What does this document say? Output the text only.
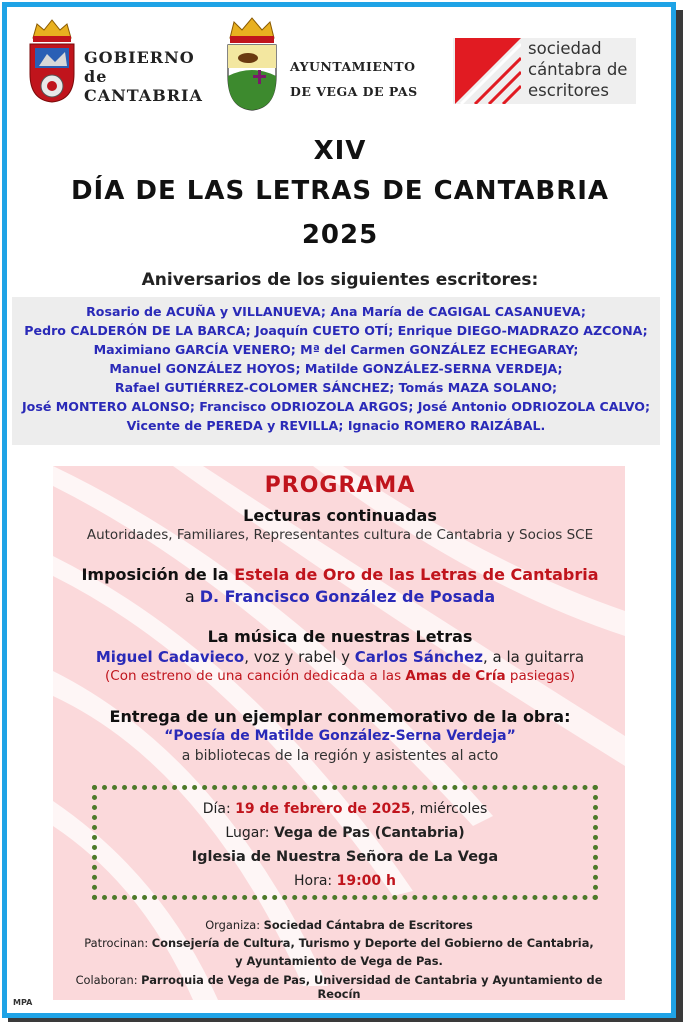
GOBIERNO
de
CANTABRIA
AYUNTAMIENTO
DE VEGA DE PAS
sociedad
cántabra de
escritores
XIV
DÍA DE LAS LETRAS DE CANTABRIA
2025
Aniversarios de los siguientes escritores:
Rosario de ACUÑA y VILLANUEVA; Ana María de CAGIGAL CASANUEVA;
Pedro CALDERÓN DE LA BARCA; Joaquín CUETO OTÍ; Enrique DIEGO-MADRAZO AZCONA;
Maximiano GARCÍA VENERO; Mª del Carmen GONZÁLEZ ECHEGARAY;
Manuel GONZÁLEZ HOYOS; Matilde GONZÁLEZ-SERNA VERDEJA;
Rafael GUTIÉRREZ-COLOMER SÁNCHEZ; Tomás MAZA SOLANO;
José MONTERO ALONSO; Francisco ODRIOZOLA ARGOS; José Antonio ODRIOZOLA CALVO;
Vicente de PEREDA y REVILLA; Ignacio ROMERO RAIZÁBAL.
PROGRAMA
Lecturas continuadas
Autoridades, Familiares, Representantes cultura de Cantabria y Socios SCE
Imposición de la Estela de Oro de las Letras de Cantabria
a D. Francisco González de Posada
La música de nuestras Letras
Miguel Cadavieco, voz y rabel y Carlos Sánchez, a la guitarra
(Con estreno de una canción dedicada a las Amas de Cría pasiegas)
Entrega de un ejemplar conmemorativo de la obra:
“Poesía de Matilde González-Serna Verdeja”
a bibliotecas de la región y asistentes al acto
Día: 19 de febrero de 2025, miércoles
Lugar: Vega de Pas (Cantabria)
Iglesia de Nuestra Señora de La Vega
Hora: 19:00 h
Organiza: Sociedad Cántabra de Escritores
Patrocinan: Consejería de Cultura, Turismo y Deporte del Gobierno de Cantabria,
y Ayuntamiento de Vega de Pas.
Colaboran: Parroquia de Vega de Pas, Universidad de Cantabria y Ayuntamiento de Reocín
MPA
